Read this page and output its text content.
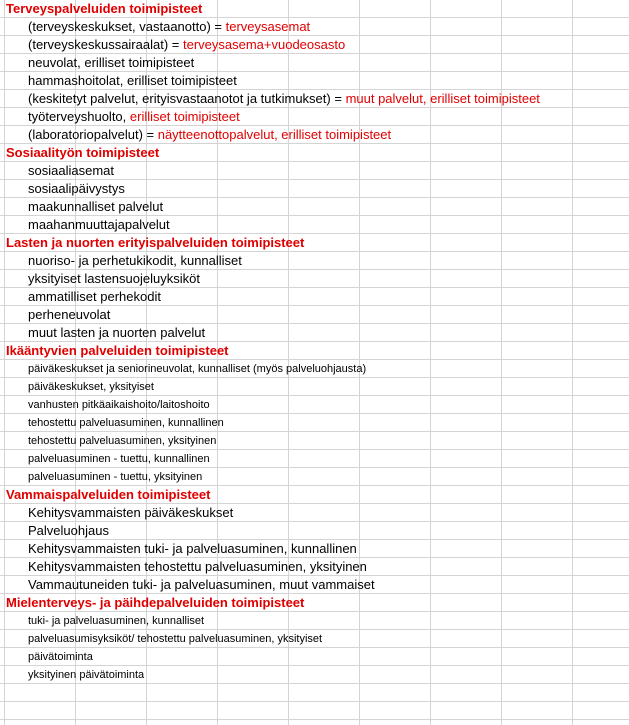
Terveyspalveluiden toimipisteet
(terveyskeskukset, vastaanotto) = terveysasemat
(terveyskeskussairaalat) = terveysasema+vuodeosasto
neuvolat, erilliset toimipisteet
hammashoitolat, erilliset toimipisteet
(keskitetyt palvelut, erityisvastaanotot ja tutkimukset) = muut palvelut, erilliset toimipisteet
työterveyshuolto, erilliset toimipisteet
(laboratoriopalvelut) = näytteenottopalvelut, erilliset toimipisteet
Sosiaalityön toimipisteet
sosiaaliasemat
sosiaalipäivystys
maakunnalliset palvelut
maahanmuuttajapalvelut
Lasten ja nuorten erityispalveluiden toimipisteet
nuoriso- ja perhetukikodit, kunnalliset
yksityiset lastensuojeluyksiköt
ammatilliset perhekodit
perheneuvolat
muut lasten ja nuorten palvelut
Ikääntyvien palveluiden toimipisteet
päiväkeskukset ja seniorineuvolat, kunnalliset (myös palveluohjausta)
päiväkeskukset, yksityiset
vanhusten pitkäaikaishoito/laitoshoito
tehostettu palveluasuminen, kunnallinen
tehostettu palveluasuminen, yksityinen
palveluasuminen - tuettu, kunnallinen
palveluasuminen - tuettu, yksityinen
Vammaispalveluiden toimipisteet
Kehitysvammaisten päiväkeskukset
Palveluohjaus
Kehitysvammaisten tuki- ja palveluasuminen, kunnallinen
Kehitysvammaisten tehostettu palveluasuminen, yksityinen
Vammautuneiden tuki- ja palveluasuminen, muut vammaiset
Mielenterveys- ja päihdepalveluiden toimipisteet
tuki- ja palveluasuminen, kunnalliset
palveluasumisyksiköt/ tehostettu palveluasuminen, yksityiset
päivätoiminta
yksityinen päivätoiminta
